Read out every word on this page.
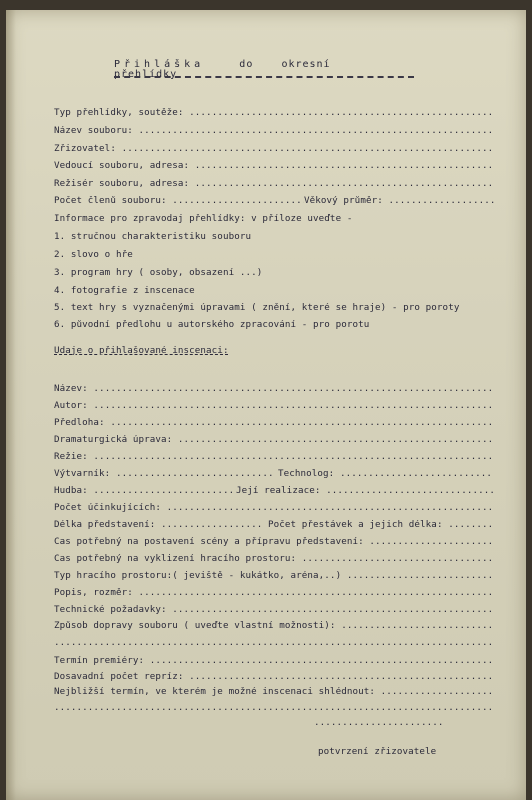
Přihláška	do	okresní    přehlídky
Typ přehlídky, soutěže: .....
Název souboru: .....
Zřizovatel: .....
Vedoucí souboru, adresa: .....
Režisér souboru, adresa: .....
Počet členů souboru: .....	Věkový průměr: .....
Informace pro zpravodaj přehlídky: v příloze uveďte -
1. stručnou charakteristiku souboru
2. slovo o hře
3. program hry ( osoby, obsazení ...)
4. fotografie z inscenace
5. text hry s vyznačenými úpravami ( znění, které se hraje) - pro poroty
6. původní předlohu u autorského zpracování - pro porotu
Údaje o přihlašované inscenaci:
Název: .....
Autor: .....
Předloha: .....
Dramaturgická úprava: .....
Režie: .....
Výtvarník: .....	Technolog: .....
Hudba: .....	Její realizace: .....
Počet účinkujících: .....
Délka představení: .....	Počet přestávek a jejich délka: .....
Čas potřebný na postavení scény a přípravu představení: .....
Čas potřebný na vyklizení hracího prostoru: .....
Typ hracího prostoru:( jeviště - kukátko, aréna,..) .....
Popis, rozměr: .....
Technické požadavky: .....
Způsob dopravy souboru ( uveďte vlastní možnosti): .....
.....
Termín premiéry: .....
Dosavadní počet repríz: .....
Nejbližší termín, ve kterém je možné inscenaci shlédnout: .....
.....
.....
potvrzení zřizovatele
